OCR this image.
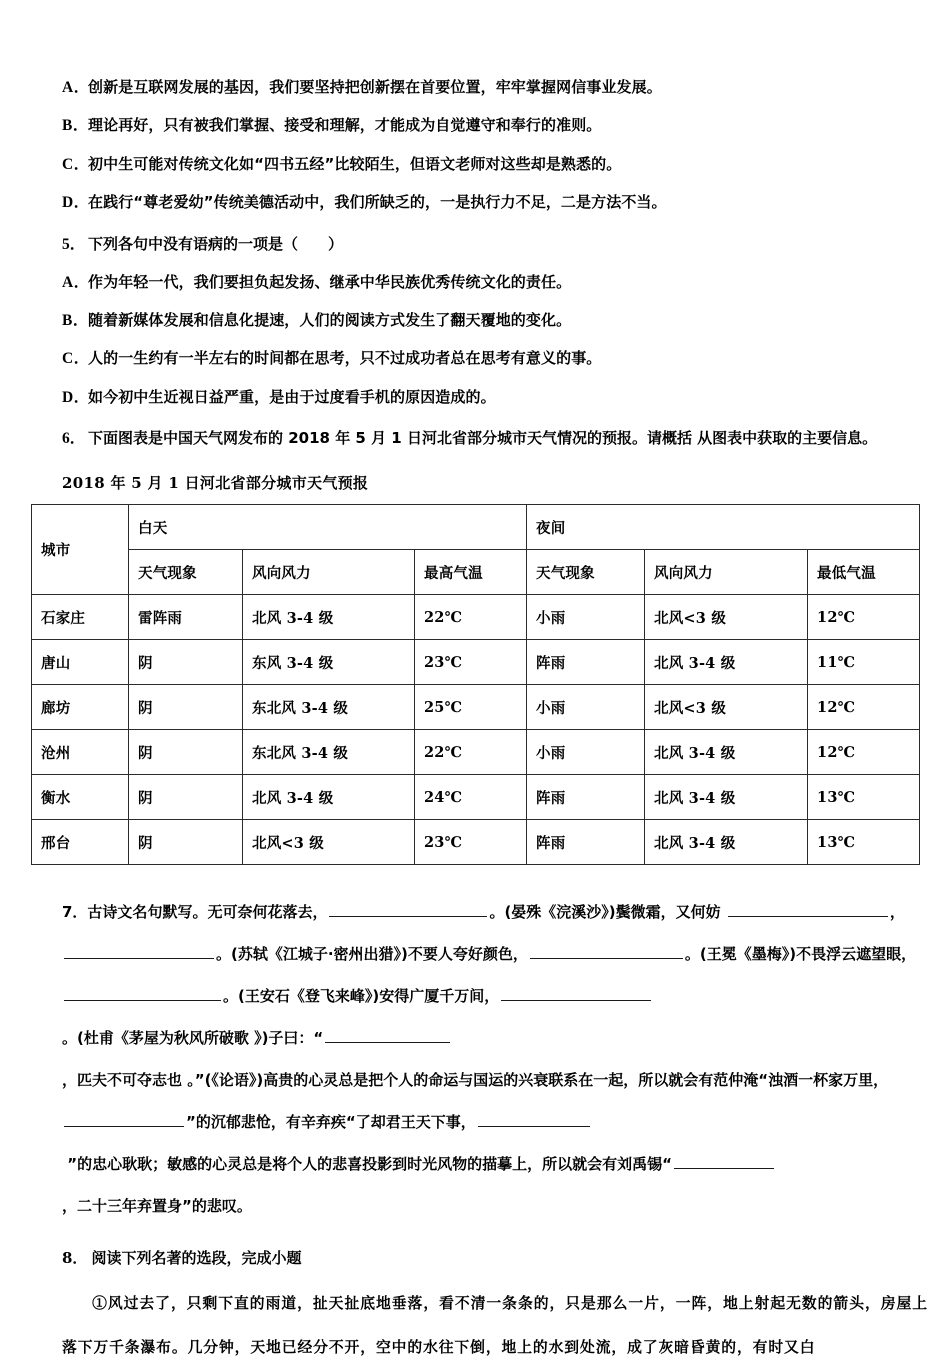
A．
创新是互联网发展的基因，我们要坚持把创新摆在首要位置，牢牢掌握网信事业发展。
B． 理论再好，只有被我们掌握、接受和理解，才能成为自觉遵守和奉行的准则。
C．
初中生可能对传统文化如“四书五经”比较陌生，但语文老师对这些却是熟悉的。
D．
在践行“尊老爱幼”传统美德活动中，我们所缺乏的，一是执行力不足，二是方法不当。
5． 下列各句中没有语病的一项是（　　）
A．
作为年轻一代，我们要担负起发扬、继承中华民族优秀传统文化的责任。
B． 随着新媒体发展和信息化提速，人们的阅读方式发生了翻天覆地的变化。
C．
人的一生约有一半左右的时间都在思考，只不过成功者总在思考有意义的事。
D．
如今初中生近视日益严重，是由于过度看手机的原因造成的。
6． 下面图表是中国天气网发布的 2018 年 5 月 1 日河北省部分城市天气情况的预报。请概括 从图表中获取的主要信息。
2018 年 5 月 1 日河北省部分城市天气预报
城市	白天			夜间		
	天气现象	风向风力	最高气温	天气现象	风向风力	最低气温
石家庄	雷阵雨	北风 3-4 级	22℃	小雨	北风<3 级	12℃
唐山	阴	东风 3-4 级	23℃	阵雨	北风 3-4 级	11℃
廊坊	阴	东北风 3-4 级	25℃	小雨	北风<3 级	12℃
沧州	阴	东北风 3-4 级	22℃	小雨	北风 3-4 级	12℃
衡水	阴	北风 3-4 级	24℃	阵雨	北风 3-4 级	13℃
邢台	阴	北风<3 级	23℃	阵雨	北风 3-4 级	13℃
7．古诗文名句默写。无可奈何花落去，	。(晏殊《浣溪沙》)鬓微霜，又何妨	，。(苏轼《江城子·密州出猎》)不要人夸好颜色，	。(王冕《墨梅》)不畏浮云遮望眼，。(王安石《登飞来峰》)安得广厦千万间，。(杜甫《茅屋为秋风所破歌 》)子曰：“，匹夫不可夺志也 。”(《论语》)高贵的心灵总是把个人的命运与国运的兴衰联系在一起，所以就会有范仲淹“浊酒一杯家万里，”的沉郁悲怆，有辛弃疾“了却君王天下事， ”的忠心耿耿；敏感的心灵总是将个人的悲喜投影到时光风物的描摹上，所以就会有刘禹锡“，二十三年弃置身”的悲叹。
8． 阅读下列名著的选段，完成小题
①风过去了，只剩下直的雨道，扯天扯底地垂落，看不清一条条的，只是那么一片，一阵，地上射起无数的箭头，房屋上落下万千条瀑布。几分钟，天地已经分不开，空中的水往下倒，地上的水到处流，成了灰暗昏黄的，有时又白
